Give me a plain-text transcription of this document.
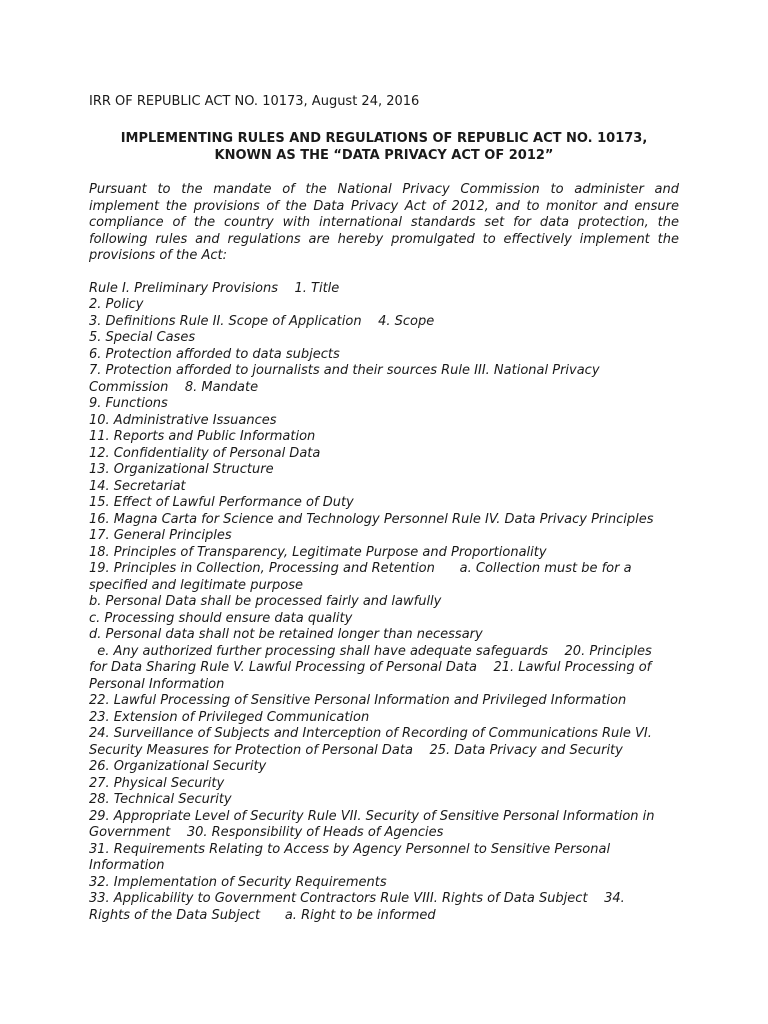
IRR OF REPUBLIC ACT NO. 10173, August 24, 2016

IMPLEMENTING RULES AND REGULATIONS OF REPUBLIC ACT NO. 10173,
KNOWN AS THE “DATA PRIVACY ACT OF 2012”

Pursuant to the mandate of the National Privacy Commission to administer and implement the provisions of the Data Privacy Act of 2012, and to monitor and ensure compliance of the country with international standards set for data protection, the following rules and regulations are hereby promulgated to effectively implement the provisions of the Act:

Rule I. Preliminary Provisions    1. Title
2. Policy
3. Definitions Rule II. Scope of Application    4. Scope
5. Special Cases
6. Protection afforded to data subjects
7. Protection afforded to journalists and their sources Rule III. National Privacy
Commission    8. Mandate
9. Functions
10. Administrative Issuances
11. Reports and Public Information
12. Confidentiality of Personal Data
13. Organizational Structure
14. Secretariat
15. Effect of Lawful Performance of Duty
16. Magna Carta for Science and Technology Personnel Rule IV. Data Privacy Principles
17. General Principles
18. Principles of Transparency, Legitimate Purpose and Proportionality
19. Principles in Collection, Processing and Retention      a. Collection must be for a
specified and legitimate purpose
b. Personal Data shall be processed fairly and lawfully
c. Processing should ensure data quality
d. Personal data shall not be retained longer than necessary
e. Any authorized further processing shall have adequate safeguards    20. Principles
for Data Sharing Rule V. Lawful Processing of Personal Data    21. Lawful Processing of
Personal Information
22. Lawful Processing of Sensitive Personal Information and Privileged Information
23. Extension of Privileged Communication
24. Surveillance of Subjects and Interception of Recording of Communications Rule VI.
Security Measures for Protection of Personal Data    25. Data Privacy and Security
26. Organizational Security
27. Physical Security
28. Technical Security
29. Appropriate Level of Security Rule VII. Security of Sensitive Personal Information in
Government    30. Responsibility of Heads of Agencies
31. Requirements Relating to Access by Agency Personnel to Sensitive Personal
Information
32. Implementation of Security Requirements
33. Applicability to Government Contractors Rule VIII. Rights of Data Subject    34.
Rights of the Data Subject      a. Right to be informed
